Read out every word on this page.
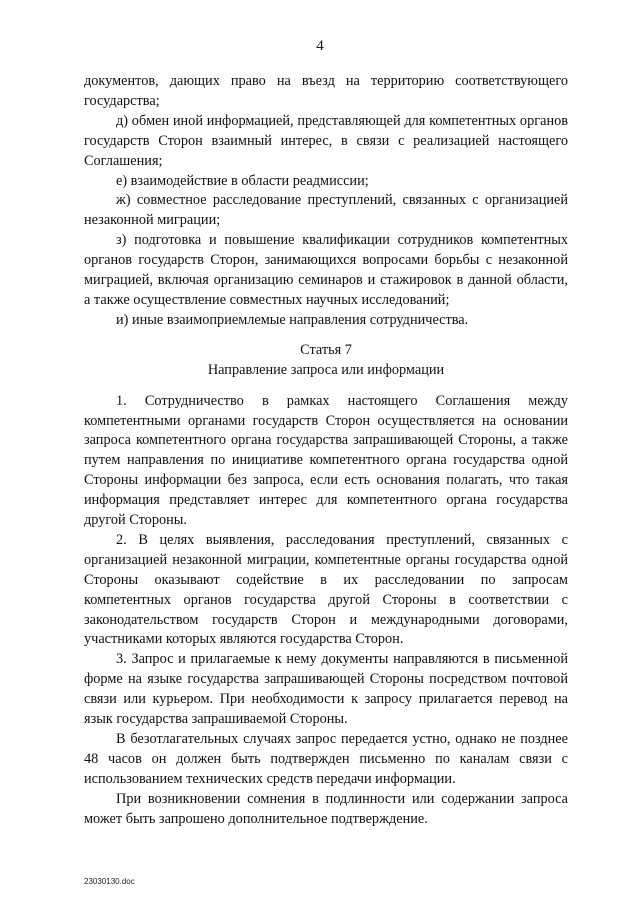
4

документов, дающих право на въезд на территорию соответствующего государства;

д) обмен иной информацией, представляющей для компетентных органов государств Сторон взаимный интерес, в связи с реализацией настоящего Соглашения;

е) взаимодействие в области реадмиссии;

ж) совместное расследование преступлений, связанных с организацией незаконной миграции;

з) подготовка и повышение квалификации сотрудников компетентных органов государств Сторон, занимающихся вопросами борьбы с незаконной миграцией, включая организацию семинаров и стажировок в данной области, а также осуществление совместных научных исследований;

и) иные взаимоприемлемые направления сотрудничества.

Статья 7

Направление запроса или информации

1. Сотрудничество в рамках настоящего Соглашения между компетентными органами государств Сторон осуществляется на основании запроса компетентного органа государства запрашивающей Стороны, а также путем направления по инициативе компетентного органа государства одной Стороны информации без запроса, если есть основания полагать, что такая информация представляет интерес для компетентного органа государства другой Стороны.

2. В целях выявления, расследования преступлений, связанных с организацией незаконной миграции, компетентные органы государства одной Стороны оказывают содействие в их расследовании по запросам компетентных органов государства другой Стороны в соответствии с законодательством государств Сторон и международными договорами, участниками которых являются государства Сторон.

3. Запрос и прилагаемые к нему документы направляются в письменной форме на языке государства запрашивающей Стороны посредством почтовой связи или курьером. При необходимости к запросу прилагается перевод на язык государства запрашиваемой Стороны.

В безотлагательных случаях запрос передается устно, однако не позднее 48 часов он должен быть подтвержден письменно по каналам связи с использованием технических средств передачи информации.

При возникновении сомнения в подлинности или содержании запроса может быть запрошено дополнительное подтверждение.

23030130.doc
